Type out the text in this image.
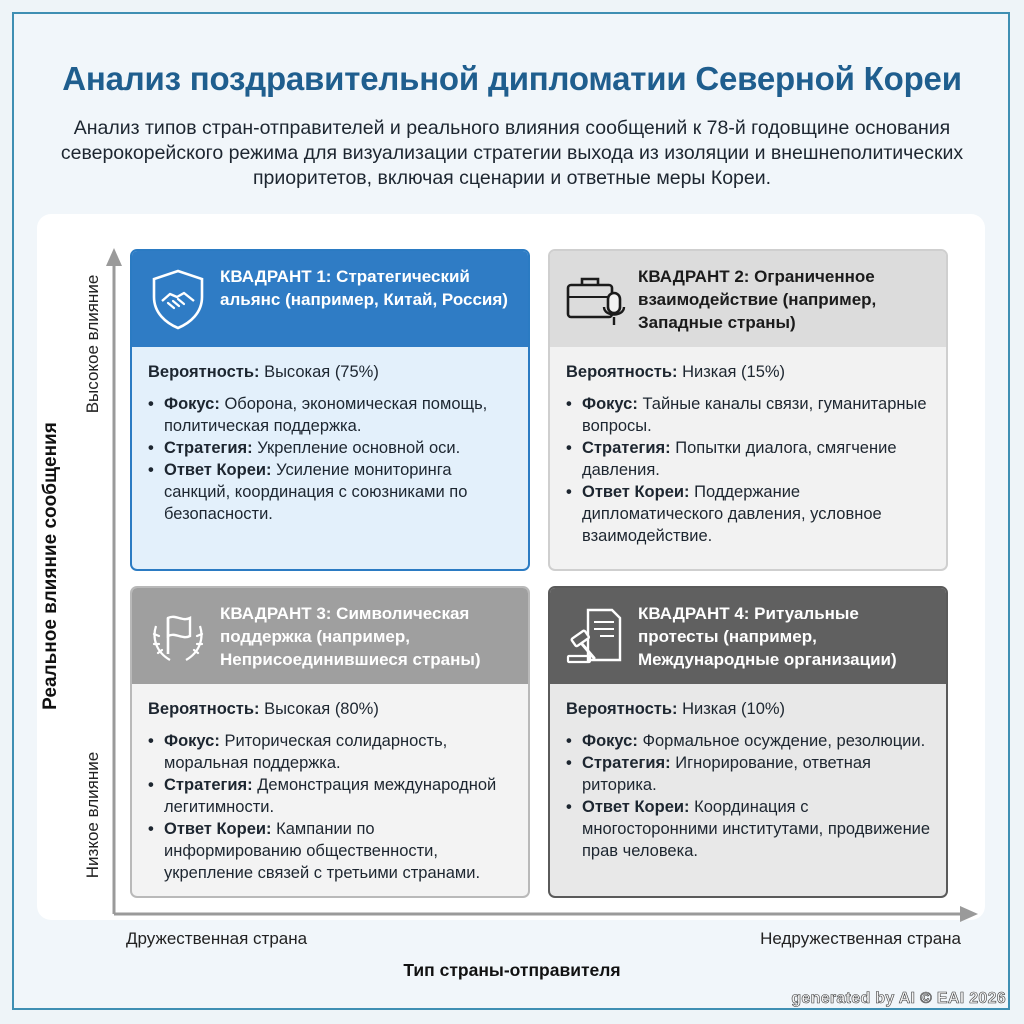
Анализ поздравительной дипломатии Северной Кореи
Анализ типов стран-отправителей и реального влияния сообщений к 78-й годовщине основания северокорейского режима для визуализации стратегии выхода из изоляции и внешнеполитических приоритетов, включая сценарии и ответные меры Кореи.
Реальное влияние сообщения
Высокое влияние
Низкое влияние
Дружественная страна	Недружественная страна
Тип страны-отправителя
КВАДРАНТ 1: Стратегический альянс (например, Китай, Россия)
Вероятность: Высокая (75%)
• Фокус: Оборона, экономическая помощь, политическая поддержка.
• Стратегия: Укрепление основной оси.
• Ответ Кореи: Усиление мониторинга санкций, координация с союзниками по безопасности.
КВАДРАНТ 2: Ограниченное взаимодействие (например, Западные страны)
Вероятность: Низкая (15%)
• Фокус: Тайные каналы связи, гуманитарные вопросы.
• Стратегия: Попытки диалога, смягчение давления.
• Ответ Кореи: Поддержание дипломатического давления, условное взаимодействие.
КВАДРАНТ 3: Символическая поддержка (например, Неприсоединившиеся страны)
Вероятность: Высокая (80%)
• Фокус: Риторическая солидарность, моральная поддержка.
• Стратегия: Демонстрация международной легитимности.
• Ответ Кореи: Кампании по информированию общественности, укрепление связей с третьими странами.
КВАДРАНТ 4: Ритуальные протесты (например, Международные организации)
Вероятность: Низкая (10%)
• Фокус: Формальное осуждение, резолюции.
• Стратегия: Игнорирование, ответная риторика.
• Ответ Кореи: Координация с многосторонними институтами, продвижение прав человека.
generated by AI © EAI 2026
